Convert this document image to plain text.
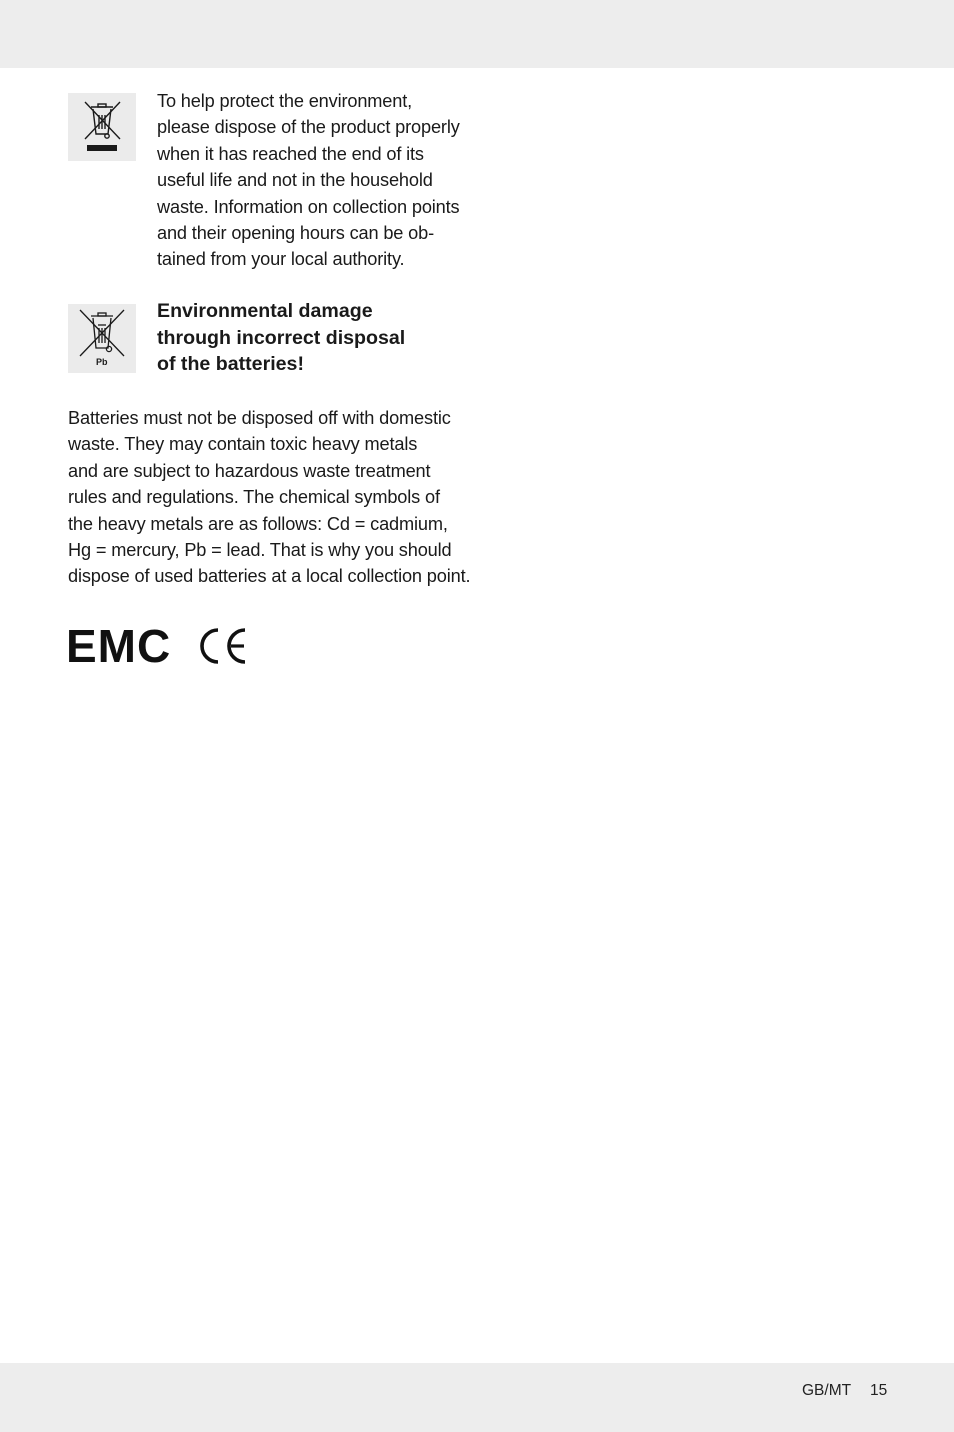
To help protect the environment,
please dispose of the product properly
when it has reached the end of its
useful life and not in the household
waste. Information on collection points
and their opening hours can be ob-
tained from your local authority.

Pb
Environmental damage
through incorrect disposal
of the batteries!

Batteries must not be disposed off with domestic
waste. They may contain toxic heavy metals
and are subject to hazardous waste treatment
rules and regulations. The chemical symbols of
the heavy metals are as follows: Cd = cadmium,
Hg = mercury, Pb = lead. That is why you should
dispose of used batteries at a local collection point.

EMC
GB/MT 15
